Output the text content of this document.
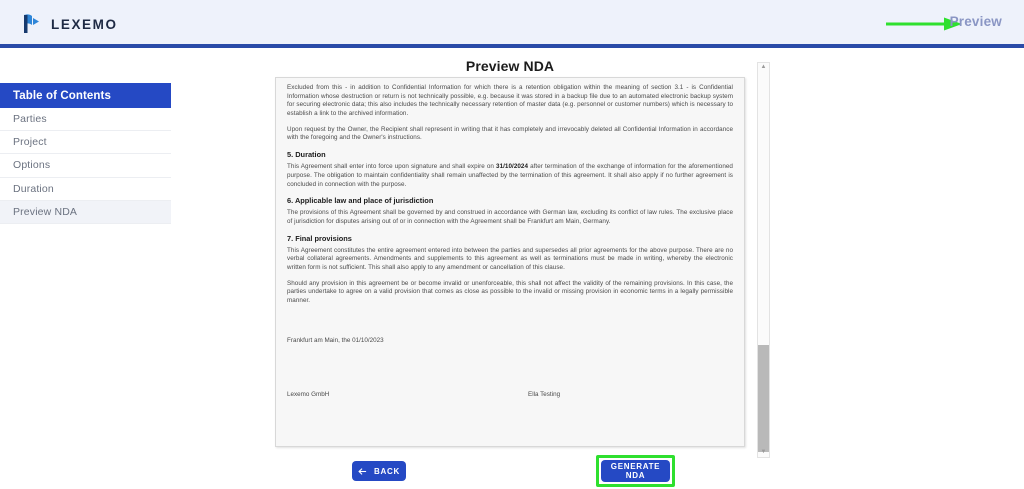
LEXEMO	Preview
Table of Contents
Parties
Project
Options
Duration
Preview NDA
Preview NDA

Excluded from this - in addition to Confidential Information for which there is a retention obligation within the meaning of section 3.1 - is Confidential Information whose destruction or return is not technically possible, e.g. because it was stored in a backup file due to an automated electronic backup system for securing electronic data; this also includes the technically necessary retention of master data (e.g. personnel or customer numbers) which is necessary to establish a link to the archived information.

Upon request by the Owner, the Recipient shall represent in writing that it has completely and irrevocably deleted all Confidential Information in accordance with the foregoing and the Owner's instructions.

5. Duration

This Agreement shall enter into force upon signature and shall expire on 31/10/2024 after termination of the exchange of information for the aforementioned purpose. The obligation to maintain confidentiality shall remain unaffected by the termination of this agreement. It shall also apply if no further agreement is concluded in connection with the purpose.

6. Applicable law and place of jurisdiction

The provisions of this Agreement shall be governed by and construed in accordance with German law, excluding its conflict of law rules. The exclusive place of jurisdiction for disputes arising out of or in connection with the Agreement shall be Frankfurt am Main, Germany.

7. Final provisions

This Agreement constitutes the entire agreement entered into between the parties and supersedes all prior agreements for the above purpose. There are no verbal collateral agreements. Amendments and supplements to this agreement as well as terminations must be made in writing, whereby the electronic written form is not sufficient. This shall also apply to any amendment or cancellation of this clause.

Should any provision in this agreement be or become invalid or unenforceable, this shall not affect the validity of the remaining provisions. In this case, the parties undertake to agree on a valid provision that comes as close as possible to the invalid or missing provision in economic terms in a legally permissible manner.

Frankfurt am Main, the 01/10/2023
Lexemo GmbH	Ella Testing
▲
▼
BACK	GENERATE NDA
